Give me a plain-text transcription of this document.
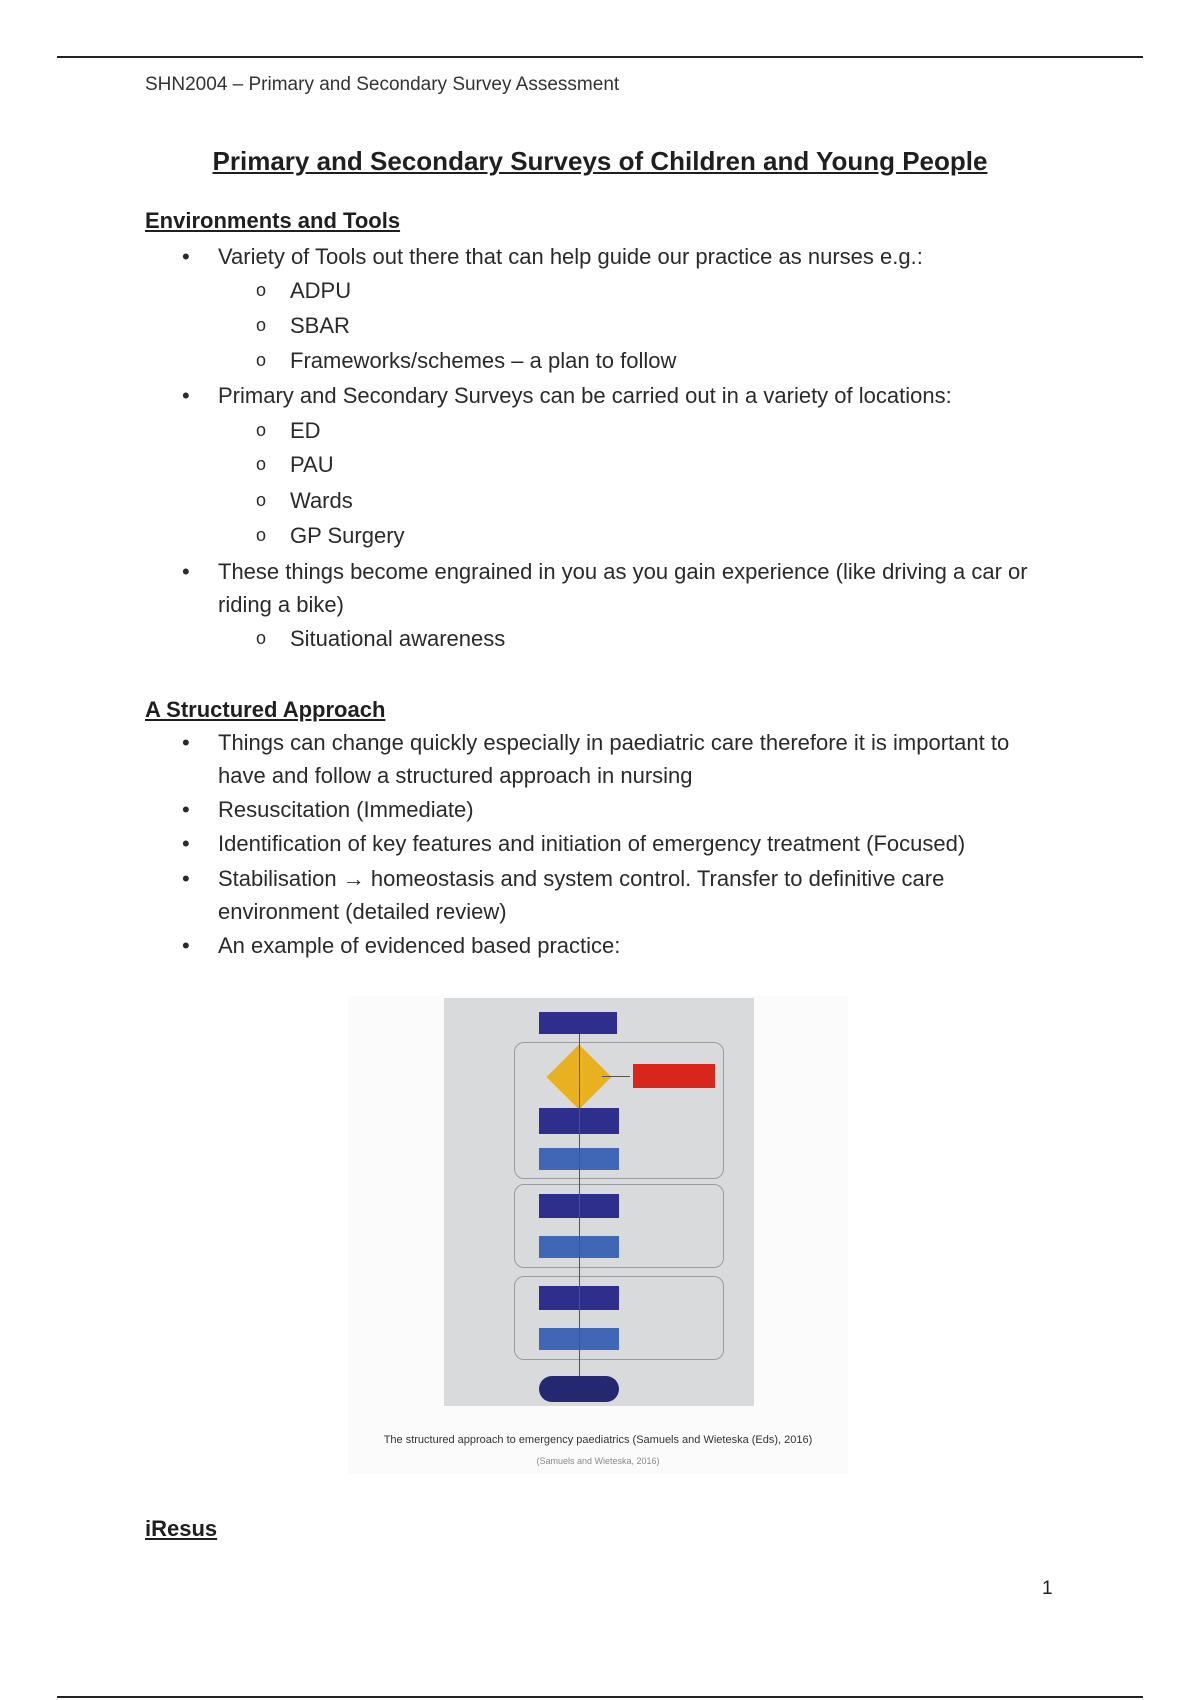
SHN2004 – Primary and Secondary Survey Assessment
Primary and Secondary Surveys of Children and Young People
Environments and Tools
• Variety of Tools out there that can help guide our practice as nurses e.g.:
o ADPU
o SBAR
o Frameworks/schemes – a plan to follow
• Primary and Secondary Surveys can be carried out in a variety of locations:
o ED
o PAU
o Wards
o GP Surgery
• These things become engrained in you as you gain experience (like driving a car or riding a bike)
o Situational awareness
A Structured Approach
• Things can change quickly especially in paediatric care therefore it is important to have and follow a structured approach in nursing
• Resuscitation (Immediate)
• Identification of key features and initiation of emergency treatment (Focused)
• Stabilisation → homeostasis and system control. Transfer to definitive care environment (detailed review)
• An example of evidenced based practice:
The structured approach to emergency paediatrics (Samuels and Wieteska (Eds), 2016)
(Samuels and Wieteska, 2016)
iResus
1
